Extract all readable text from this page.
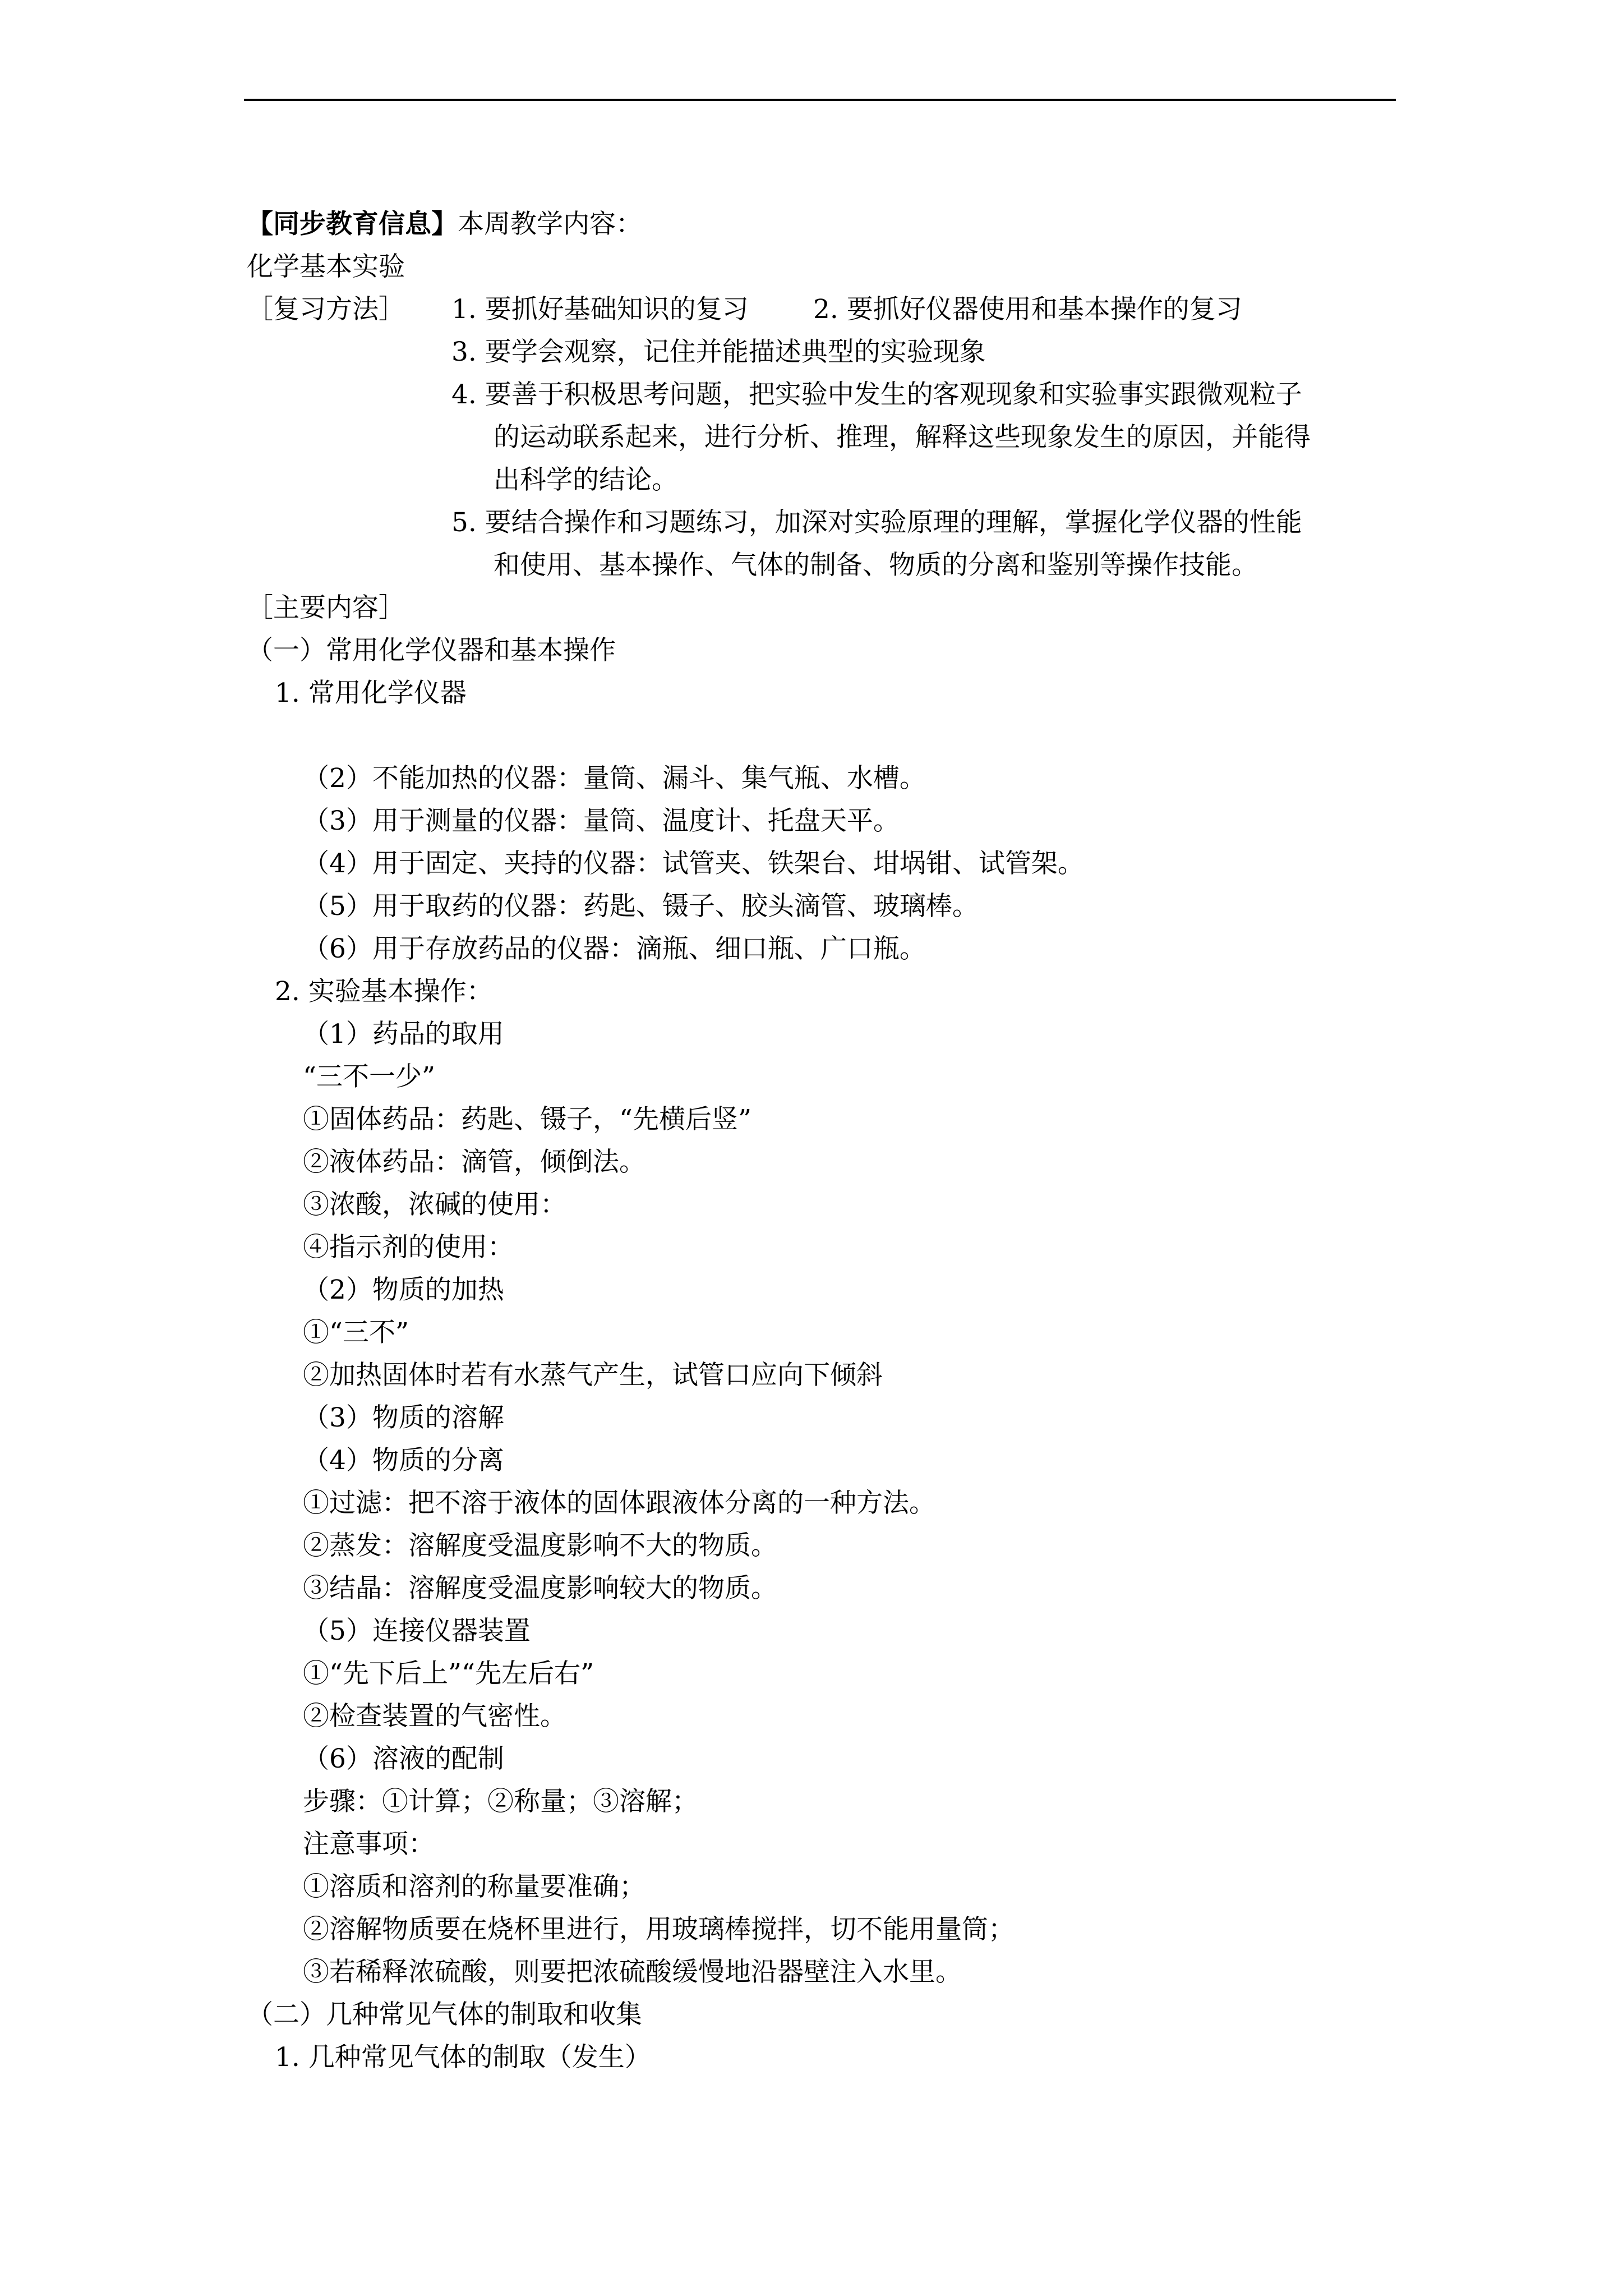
【同步教育信息】本周教学内容：
化学基本实验
［复习方法］ 1. 要抓好基础知识的复习 2. 要抓好仪器使用和基本操作的复习
3. 要学会观察，记住并能描述典型的实验现象
4. 要善于积极思考问题，把实验中发生的客观现象和实验事实跟微观粒子
的运动联系起来，进行分析、推理，解释这些现象发生的原因，并能得
出科学的结论。
5. 要结合操作和习题练习，加深对实验原理的理解，掌握化学仪器的性能
和使用、基本操作、气体的制备、物质的分离和鉴别等操作技能。
［主要内容］
（一）常用化学仪器和基本操作
1. 常用化学仪器
（2）不能加热的仪器：量筒、漏斗、集气瓶、水槽。
（3）用于测量的仪器：量筒、温度计、托盘天平。
（4）用于固定、夹持的仪器：试管夹、铁架台、坩埚钳、试管架。
（5）用于取药的仪器：药匙、镊子、胶头滴管、玻璃棒。
（6）用于存放药品的仪器：滴瓶、细口瓶、广口瓶。
2. 实验基本操作：
（1）药品的取用
“三不一少”
①固体药品：药匙、镊子，“先横后竖”
②液体药品：滴管，倾倒法。
③浓酸，浓碱的使用：
④指示剂的使用：
（2）物质的加热
①“三不”
②加热固体时若有水蒸气产生，试管口应向下倾斜
（3）物质的溶解
（4）物质的分离
①过滤：把不溶于液体的固体跟液体分离的一种方法。
②蒸发：溶解度受温度影响不大的物质。
③结晶：溶解度受温度影响较大的物质。
（5）连接仪器装置
①“先下后上”“先左后右”
②检查装置的气密性。
（6）溶液的配制
步骤：①计算；②称量；③溶解；
注意事项：
①溶质和溶剂的称量要准确；
②溶解物质要在烧杯里进行，用玻璃棒搅拌，切不能用量筒；
③若稀释浓硫酸，则要把浓硫酸缓慢地沿器壁注入水里。
（二）几种常见气体的制取和收集
1. 几种常见气体的制取（发生）
